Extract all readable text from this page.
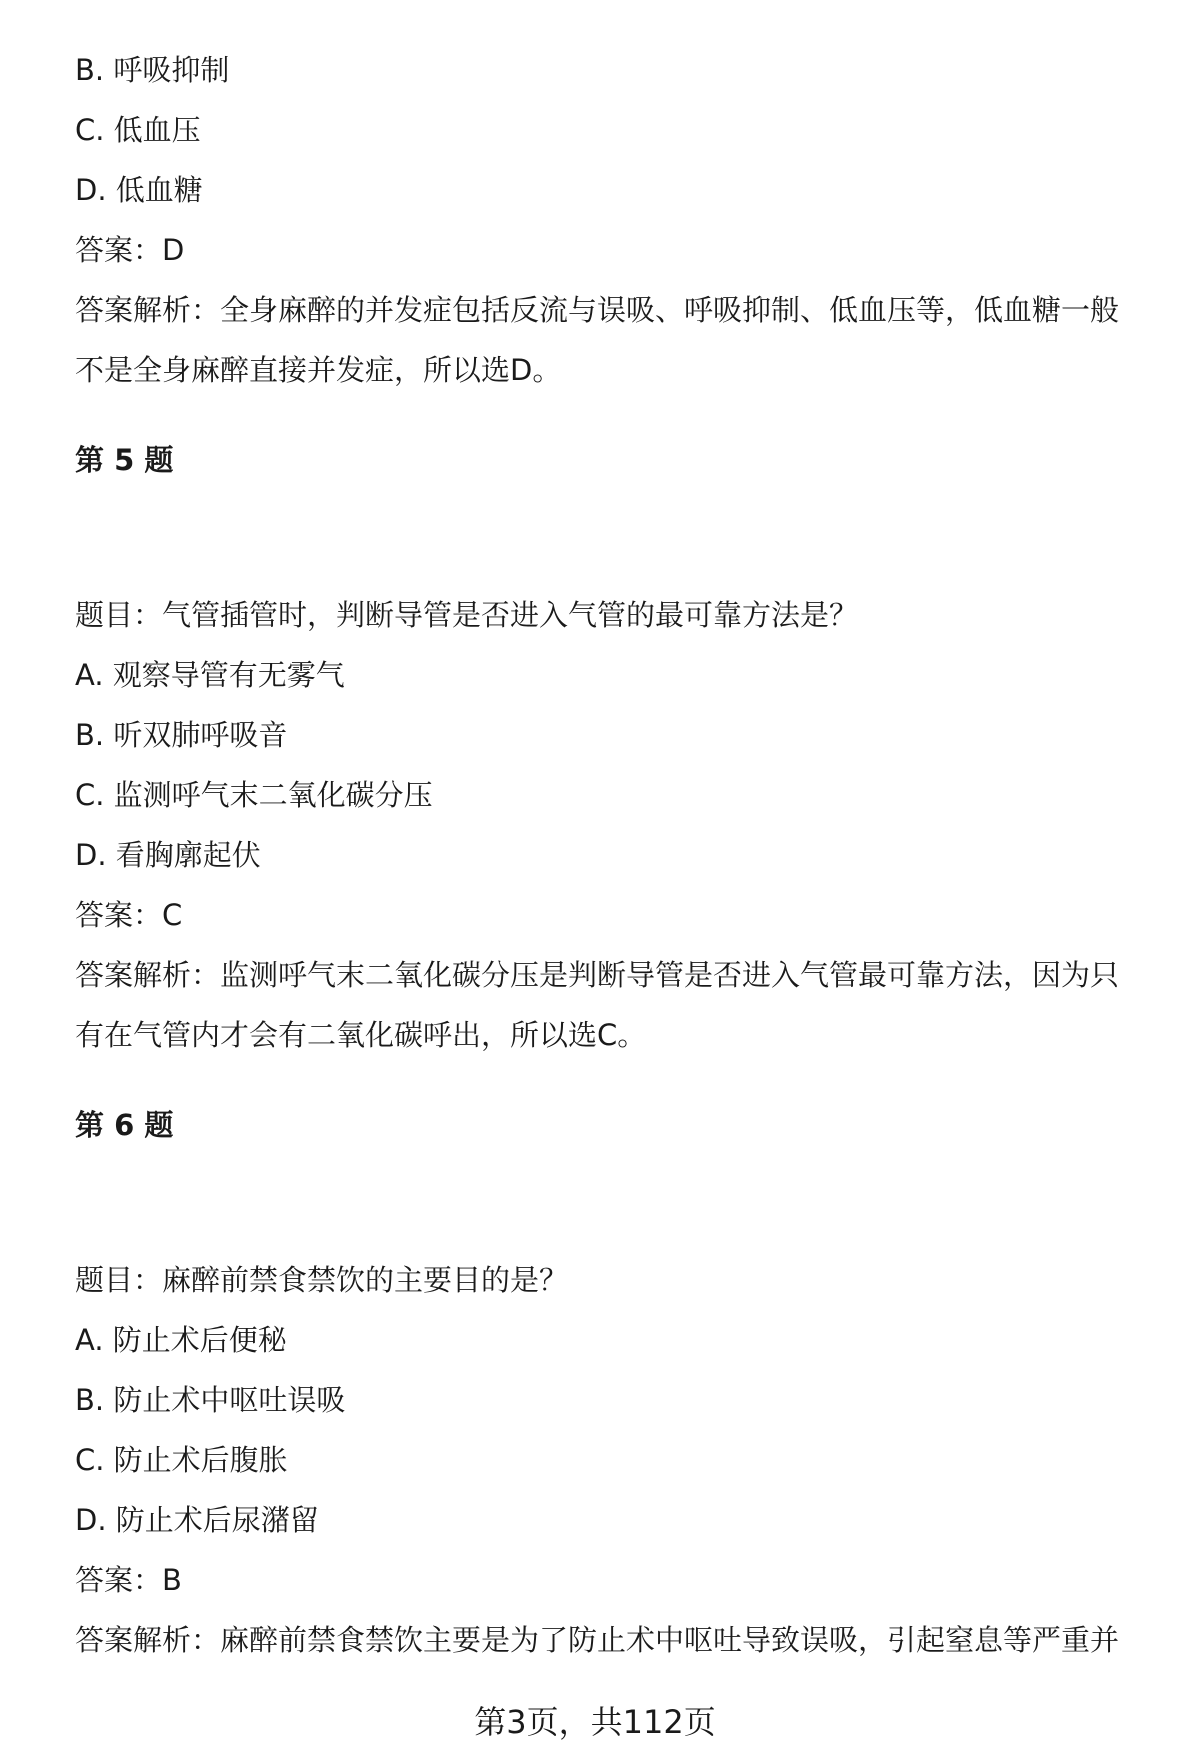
B. 呼吸抑制
C. 低血压
D. 低血糖
答案：D
答案解析：全身麻醉的并发症包括反流与误吸、呼吸抑制、低血压等，低血糖一般
不是全身麻醉直接并发症，所以选D。
第 5 题
题目：气管插管时，判断导管是否进入气管的最可靠方法是？
A. 观察导管有无雾气
B. 听双肺呼吸音
C. 监测呼气末二氧化碳分压
D. 看胸廓起伏
答案：C
答案解析：监测呼气末二氧化碳分压是判断导管是否进入气管最可靠方法，因为只
有在气管内才会有二氧化碳呼出，所以选C。
第 6 题
题目：麻醉前禁食禁饮的主要目的是？
A. 防止术后便秘
B. 防止术中呕吐误吸
C. 防止术后腹胀
D. 防止术后尿潴留
答案：B
答案解析：麻醉前禁食禁饮主要是为了防止术中呕吐导致误吸，引起窒息等严重并
第3页，共112页
